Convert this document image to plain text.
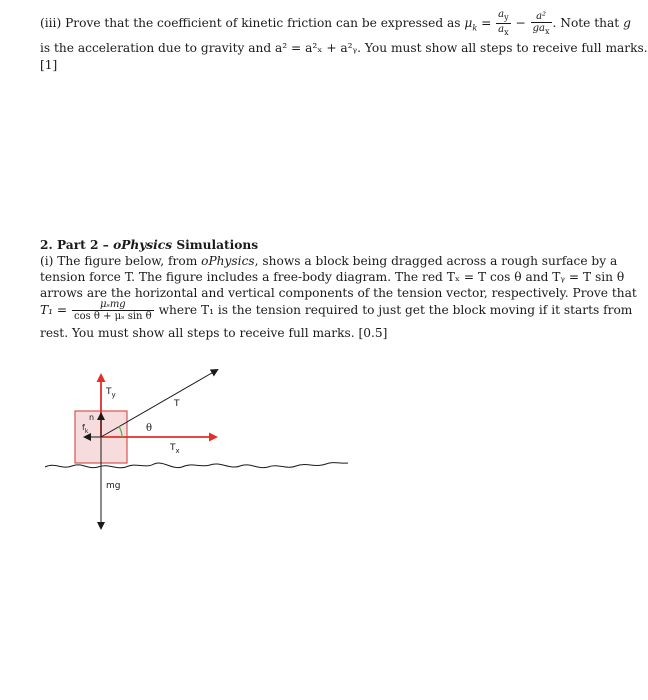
(iii) Prove that the coefficient of kinetic friction can be expressed as $\mu_k = \frac{a_y}{a_x} - \frac{\text{a²}}{ga_x}$ . Note that g
is the acceleration due to gravity and a² = a²ₓ + a²ᵧ. You must show all steps to receive full marks.
[1]
2. Part 2 – oPhysics Simulations
(i) The figure below, from oPhysics, shows a block being dragged across a rough surface by a
tension force T. The figure includes a free-body diagram. The red Tₓ = T cos θ and Tᵧ = T sin θ
arrows are the horizontal and vertical components of the tension vector, respectively. Prove that
$T_1 = \frac{\text{μₛmg}}{\text{cos θ + μₛ sin θ}}$ where T₁ is the tension required to just get the block moving if it starts from
rest. You must show all steps to receive full marks. [0.5]
$T_y$
T
n
$f_k$	θ
$T_x$
mg
